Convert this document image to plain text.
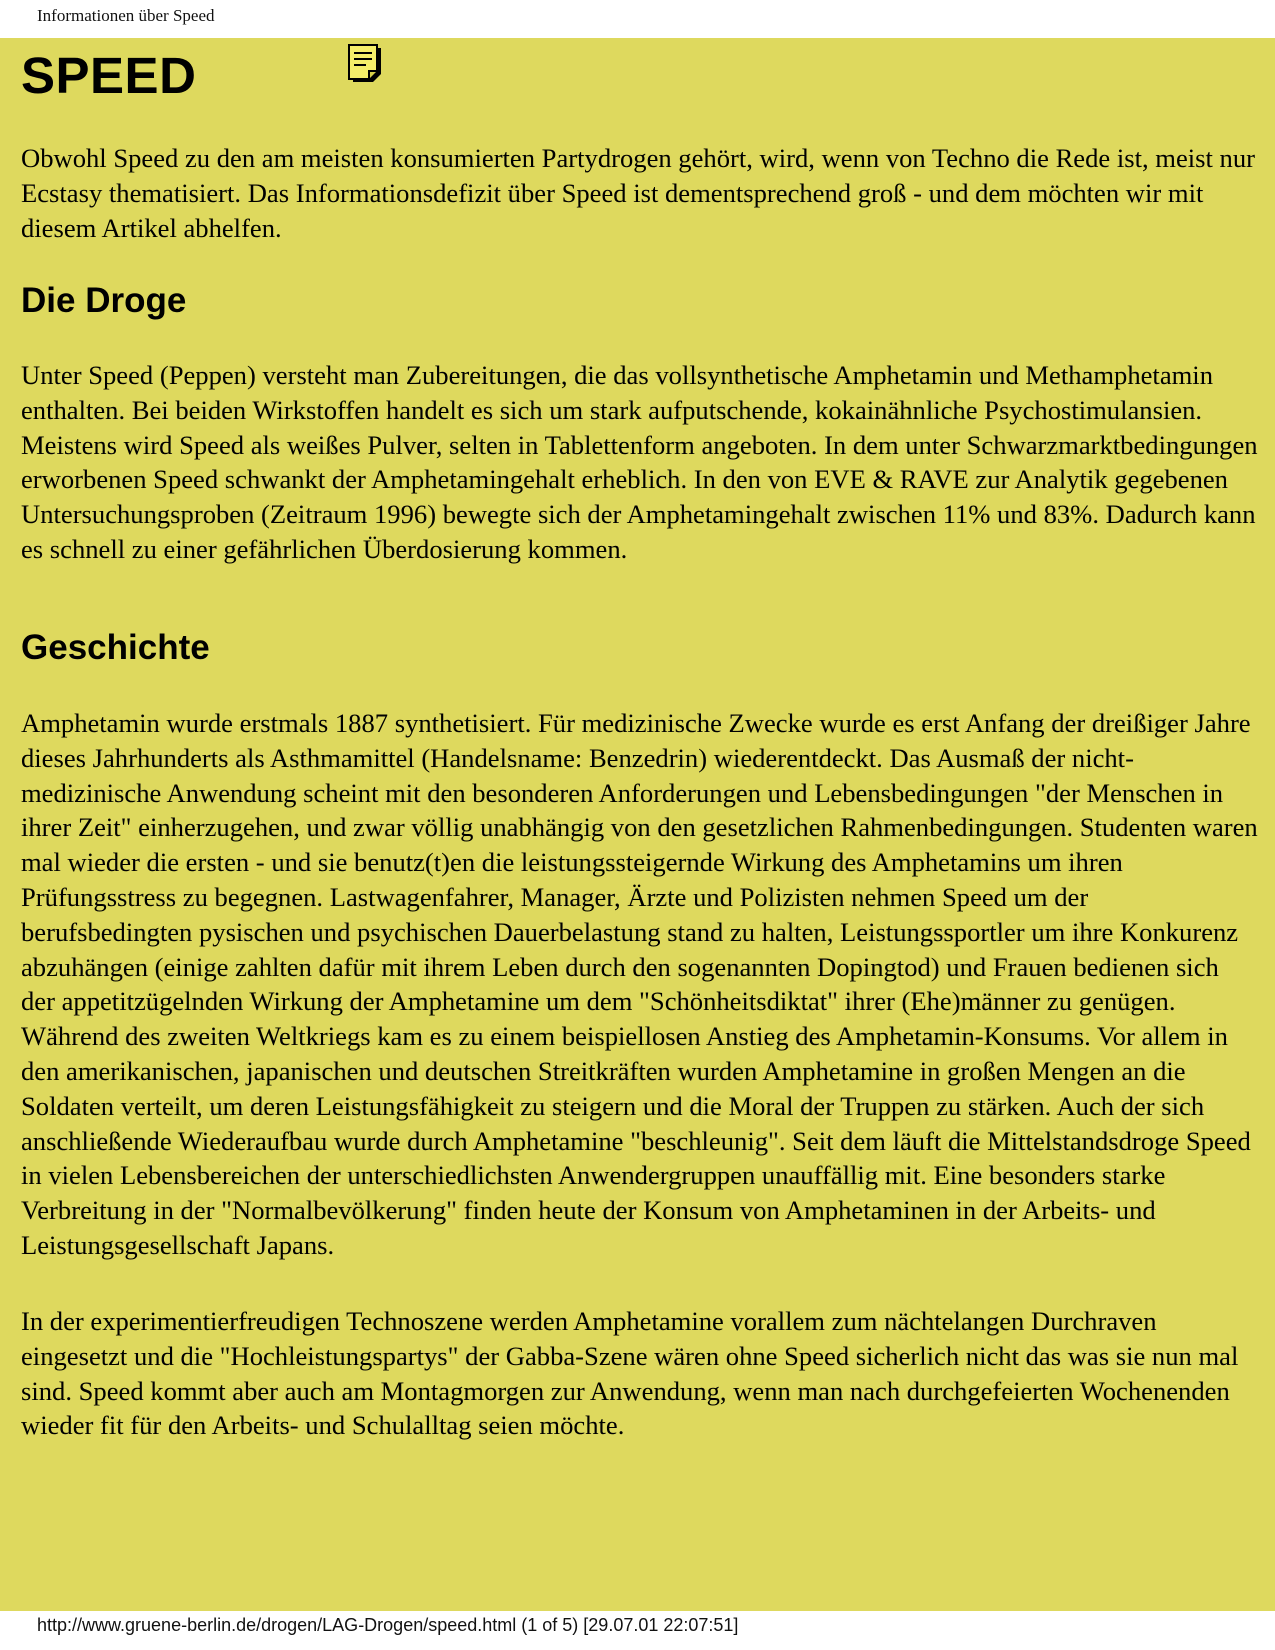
Informationen über Speed
SPEED

Obwohl Speed zu den am meisten konsumierten Partydrogen gehört, wird, wenn von Techno die Rede ist, meist nur Ecstasy thematisiert. Das Informationsdefizit über Speed ist dementsprechend groß - und dem möchten wir mit diesem Artikel abhelfen.

Die Droge

Unter Speed (Peppen) versteht man Zubereitungen, die das vollsynthetische Amphetamin und Methamphetamin enthalten. Bei beiden Wirkstoffen handelt es sich um stark aufputschende, kokainähnliche Psychostimulansien. Meistens wird Speed als weißes Pulver, selten in Tablettenform angeboten. In dem unter Schwarzmarktbedingungen erworbenen Speed schwankt der Amphetamingehalt erheblich. In den von EVE & RAVE zur Analytik gegebenen Untersuchungsproben (Zeitraum 1996) bewegte sich der Amphetamingehalt zwischen 11% und 83%. Dadurch kann es schnell zu einer gefährlichen Überdosierung kommen.

Geschichte

Amphetamin wurde erstmals 1887 synthetisiert. Für medizinische Zwecke wurde es erst Anfang der dreißiger Jahre dieses Jahrhunderts als Asthmamittel (Handelsname: Benzedrin) wiederentdeckt. Das Ausmaß der nicht-medizinische Anwendung scheint mit den besonderen Anforderungen und Lebensbedingungen "der Menschen in ihrer Zeit" einherzugehen, und zwar völlig unabhängig von den gesetzlichen Rahmenbedingungen. Studenten waren mal wieder die ersten - und sie benutz(t)en die leistungssteigernde Wirkung des Amphetamins um ihren Prüfungsstress zu begegnen. Lastwagenfahrer, Manager, Ärzte und Polizisten nehmen Speed um der berufsbedingten pysischen und psychischen Dauerbelastung stand zu halten, Leistungssportler um ihre Konkurenz abzuhängen (einige zahlten dafür mit ihrem Leben durch den sogenannten Dopingtod) und Frauen bedienen sich der appetitzügelnden Wirkung der Amphetamine um dem "Schönheitsdiktat" ihrer (Ehe)männer zu genügen. Während des zweiten Weltkriegs kam es zu einem beispiellosen Anstieg des Amphetamin-Konsums. Vor allem in den amerikanischen, japanischen und deutschen Streitkräften wurden Amphetamine in großen Mengen an die Soldaten verteilt, um deren Leistungsfähigkeit zu steigern und die Moral der Truppen zu stärken. Auch der sich anschließende Wiederaufbau wurde durch Amphetamine "beschleunig". Seit dem läuft die Mittelstandsdroge Speed in vielen Lebensbereichen der unterschiedlichsten Anwendergruppen unauffällig mit. Eine besonders starke Verbreitung in der "Normalbevölkerung" finden heute der Konsum von Amphetaminen in der Arbeits- und Leistungsgesellschaft Japans.

In der experimentierfreudigen Technoszene werden Amphetamine vorallem zum nächtelangen Durchraven eingesetzt und die "Hochleistungspartys" der Gabba-Szene wären ohne Speed sicherlich nicht das was sie nun mal sind. Speed kommt aber auch am Montagmorgen zur Anwendung, wenn man nach durchgefeierten Wochenenden wieder fit für den Arbeits- und Schulalltag seien möchte.

http://www.gruene-berlin.de/drogen/LAG-Drogen/speed.html (1 of 5) [29.07.01 22:07:51]
